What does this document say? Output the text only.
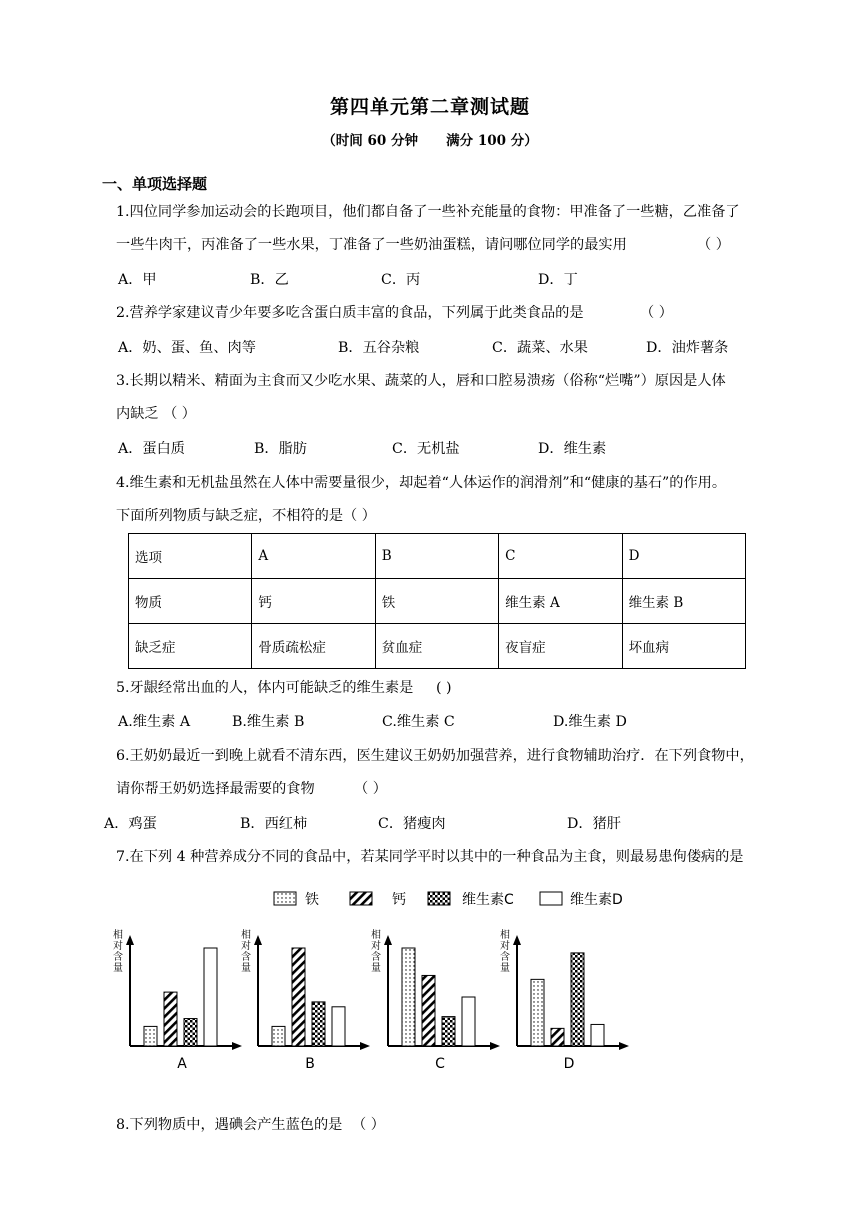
第四单元第二章测试题
（时间 60 分钟      满分 100 分）
一、单项选择题
1.四位同学参加运动会的长跑项目，他们都自备了一些补充能量的食物：甲准备了一些糖，乙准备了
一些牛肉干，丙准备了一些水果，丁准备了一些奶油蛋糕，请问哪位同学的最实用	（ ）
A．甲	B．乙	C．丙	D．丁
2.营养学家建议青少年要多吃含蛋白质丰富的食品，下列属于此类食品的是	（ ）
A．奶、蛋、鱼、肉等	B．五谷杂粮	C．蔬菜、水果	D．油炸薯条
3.长期以精米、精面为主食而又少吃水果、蔬菜的人，唇和口腔易溃疡（俗称“烂嘴”）原因是人体
内缺乏 （ ）
A．蛋白质	B．脂肪	C．无机盐	D．维生素
4.维生素和无机盐虽然在人体中需要量很少，却起着“人体运作的润滑剂”和“健康的基石”的作用。
下面所列物质与缺乏症，不相符的是（ ）
选项	A	B	C	D
物质	钙	铁	维生素 A	维生素 B
缺乏症	骨质疏松症	贫血症	夜盲症	坏血病
5.牙龈经常出血的人，体内可能缺乏的维生素是 ( )
A.维生素 A	B.维生素 B	C.维生素 C	D.维生素 D
6.王奶奶最近一到晚上就看不清东西，医生建议王奶奶加强营养，进行食物辅助治疗．在下列食物中，
请你帮王奶奶选择最需要的食物	（ ）
A．鸡蛋	B．西红柿	C．猪瘦肉	D．猪肝
7.在下列 4 种营养成分不同的食品中，若某同学平时以其中的一种食品为主食，则最易患佝偻病的是
铁	钙	维生素C	维生素D
相
对
含
量
A
相
对
含
量
B
相
对
含
量
C
相
对
含
量
D
8.下列物质中，遇碘会产生蓝色的是 （ ）
